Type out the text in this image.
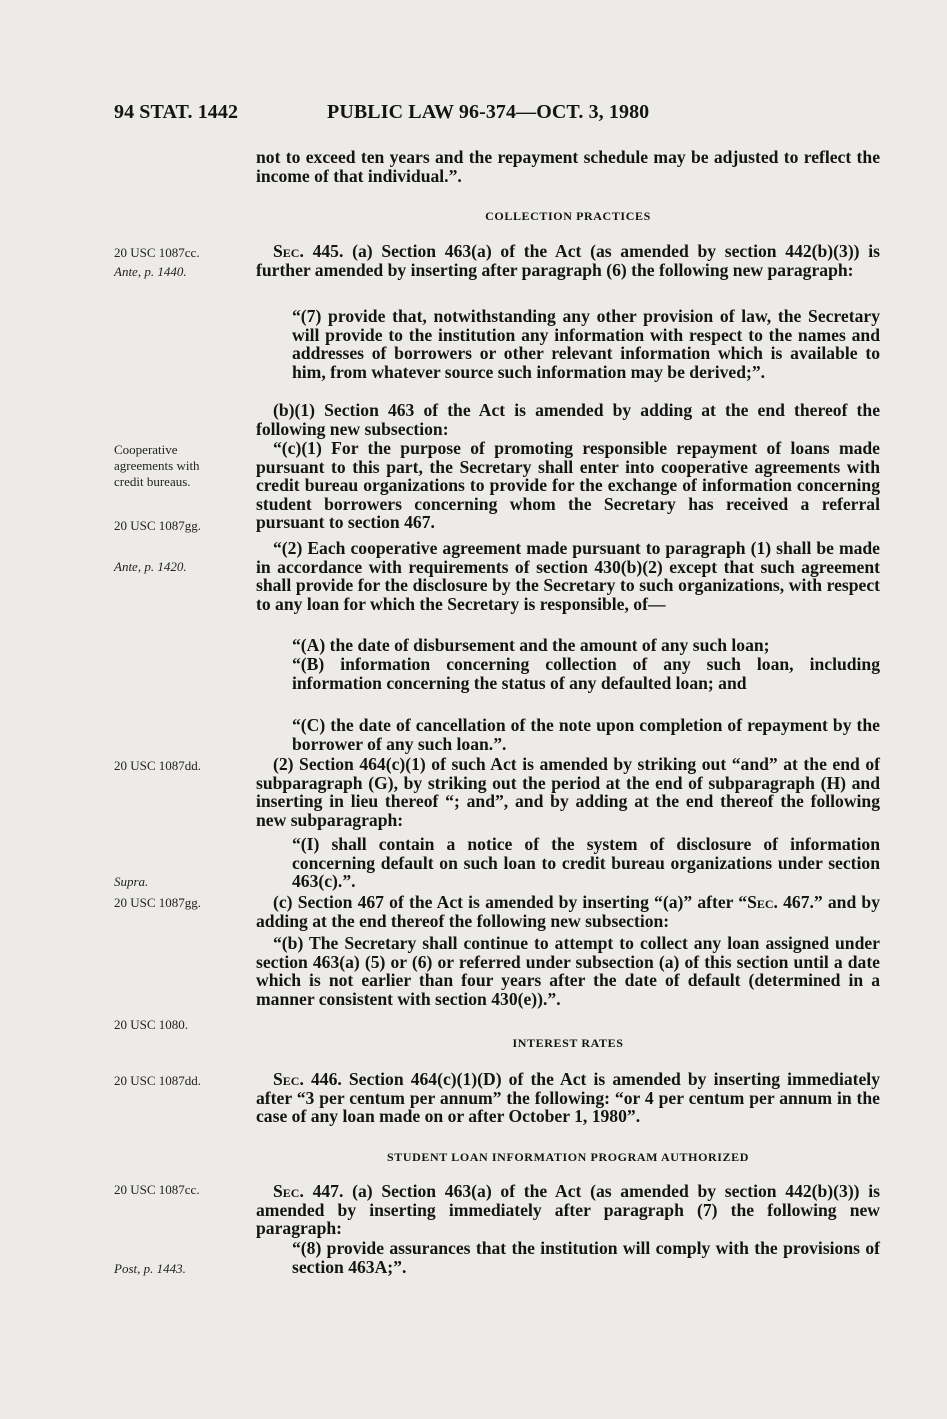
94 STAT. 1442	PUBLIC LAW 96-374—OCT. 3, 1980
20 USC 1087cc.
Ante, p. 1440.
Cooperative
agreements with
credit bureaus.
20 USC 1087gg.
Ante, p. 1420.
20 USC 1087dd.
Supra.
20 USC 1087gg.
20 USC 1080.
20 USC 1087dd.
20 USC 1087cc.
Post, p. 1443.

not to exceed ten years and the repayment schedule may be adjusted to reflect the income of that individual.”.

COLLECTION PRACTICES

Sec. 445. (a) Section 463(a) of the Act (as amended by section 442(b)(3)) is further amended by inserting after paragraph (6) the following new paragraph:

“(7) provide that, notwithstanding any other provision of law, the Secretary will provide to the institution any information with respect to the names and addresses of borrowers or other relevant information which is available to him, from whatever source such information may be derived;”.

(b)(1) Section 463 of the Act is amended by adding at the end thereof the following new subsection:

“(c)(1) For the purpose of promoting responsible repayment of loans made pursuant to this part, the Secretary shall enter into cooperative agreements with credit bureau organizations to provide for the exchange of information concerning student borrowers concerning whom the Secretary has received a referral pursuant to section 467.

“(2) Each cooperative agreement made pursuant to paragraph (1) shall be made in accordance with requirements of section 430(b)(2) except that such agreement shall provide for the disclosure by the Secretary to such organizations, with respect to any loan for which the Secretary is responsible, of—

“(A) the date of disbursement and the amount of any such loan;

“(B) information concerning collection of any such loan, including information concerning the status of any defaulted loan; and

“(C) the date of cancellation of the note upon completion of repayment by the borrower of any such loan.”.

(2) Section 464(c)(1) of such Act is amended by striking out “and” at the end of subparagraph (G), by striking out the period at the end of subparagraph (H) and inserting in lieu thereof “; and”, and by adding at the end thereof the following new subparagraph:

“(I) shall contain a notice of the system of disclosure of information concerning default on such loan to credit bureau organizations under section 463(c).”.

(c) Section 467 of the Act is amended by inserting “(a)” after “Sec. 467.” and by adding at the end thereof the following new subsection:

“(b) The Secretary shall continue to attempt to collect any loan assigned under section 463(a) (5) or (6) or referred under subsection (a) of this section until a date which is not earlier than four years after the date of default (determined in a manner consistent with section 430(e)).”.

INTEREST RATES

Sec. 446. Section 464(c)(1)(D) of the Act is amended by inserting immediately after “3 per centum per annum” the following: “or 4 per centum per annum in the case of any loan made on or after October 1, 1980”.

STUDENT LOAN INFORMATION PROGRAM AUTHORIZED

Sec. 447. (a) Section 463(a) of the Act (as amended by section 442(b)(3)) is amended by inserting immediately after paragraph (7) the following new paragraph:

“(8) provide assurances that the institution will comply with the provisions of section 463A;”.
